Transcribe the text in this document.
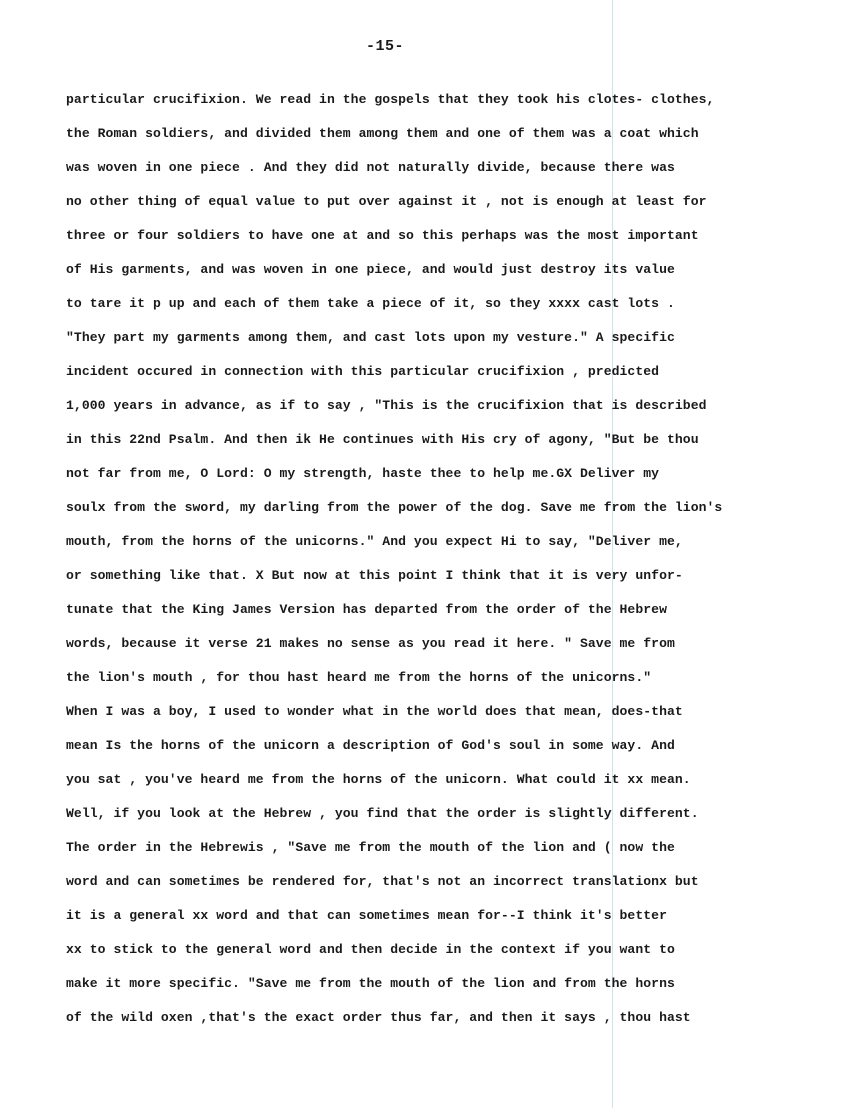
-15-
particular crucifixion. We read in the gospels that they took his clotes- clothes,
the Roman soldiers, and divided them among them and one of them was a coat which
was woven in one piece . And they did not naturally divide, because there was
no other thing of equal value to put over against it , not is enough at least for
three or four soldiers to have one at and so this perhaps was the most important
of His garments, and was woven in one piece, and would just destroy its value
to tare it p up and each of them take a piece of it, so they xxxx cast lots .
"They part my garments among them, and cast lots upon my vesture." A specific
incident occured in connection with this particular crucifixion , predicted
1,000 years in advance, as if to say , "This is the crucifixion that is described
in this 22nd Psalm. And then ik He continues with His cry of agony, "But be thou
not far from me, O Lord: O my strength, haste thee to help me.GX Deliver my
soulx from the sword, my darling from the power of the dog. Save me from the lion's
mouth, from the horns of the unicorns." And you expect Hi to say, "Deliver me,
or something like that. X But now at this point I think that it is very unfor-
tunate that the King James Version has departed from the order of the Hebrew
words, because it verse 21 makes no sense as you read it here. " Save me from
the lion's mouth , for thou hast heard me from the horns of the unicorns."
When I was a boy, I used to wonder what in the world does that mean, does-that
mean Is the horns of the unicorn a description of God's soul in some way. And
you sat , you've heard me from the horns of the unicorn. What could it xx mean.
Well, if you look at the Hebrew , you find that the order is slightly different.
The order in the Hebrewis , "Save me from the mouth of the lion and ( now the
word and can sometimes be rendered for, that's not an incorrect translationx but
it is a general xx word and that can sometimes mean for--I think it's better
xx to stick to the general word and then decide in the context if you want to
make it more specific. "Save me from the mouth of the lion and from the horns
of the wild oxen ,that's the exact order thus far, and then it says , thou hast
